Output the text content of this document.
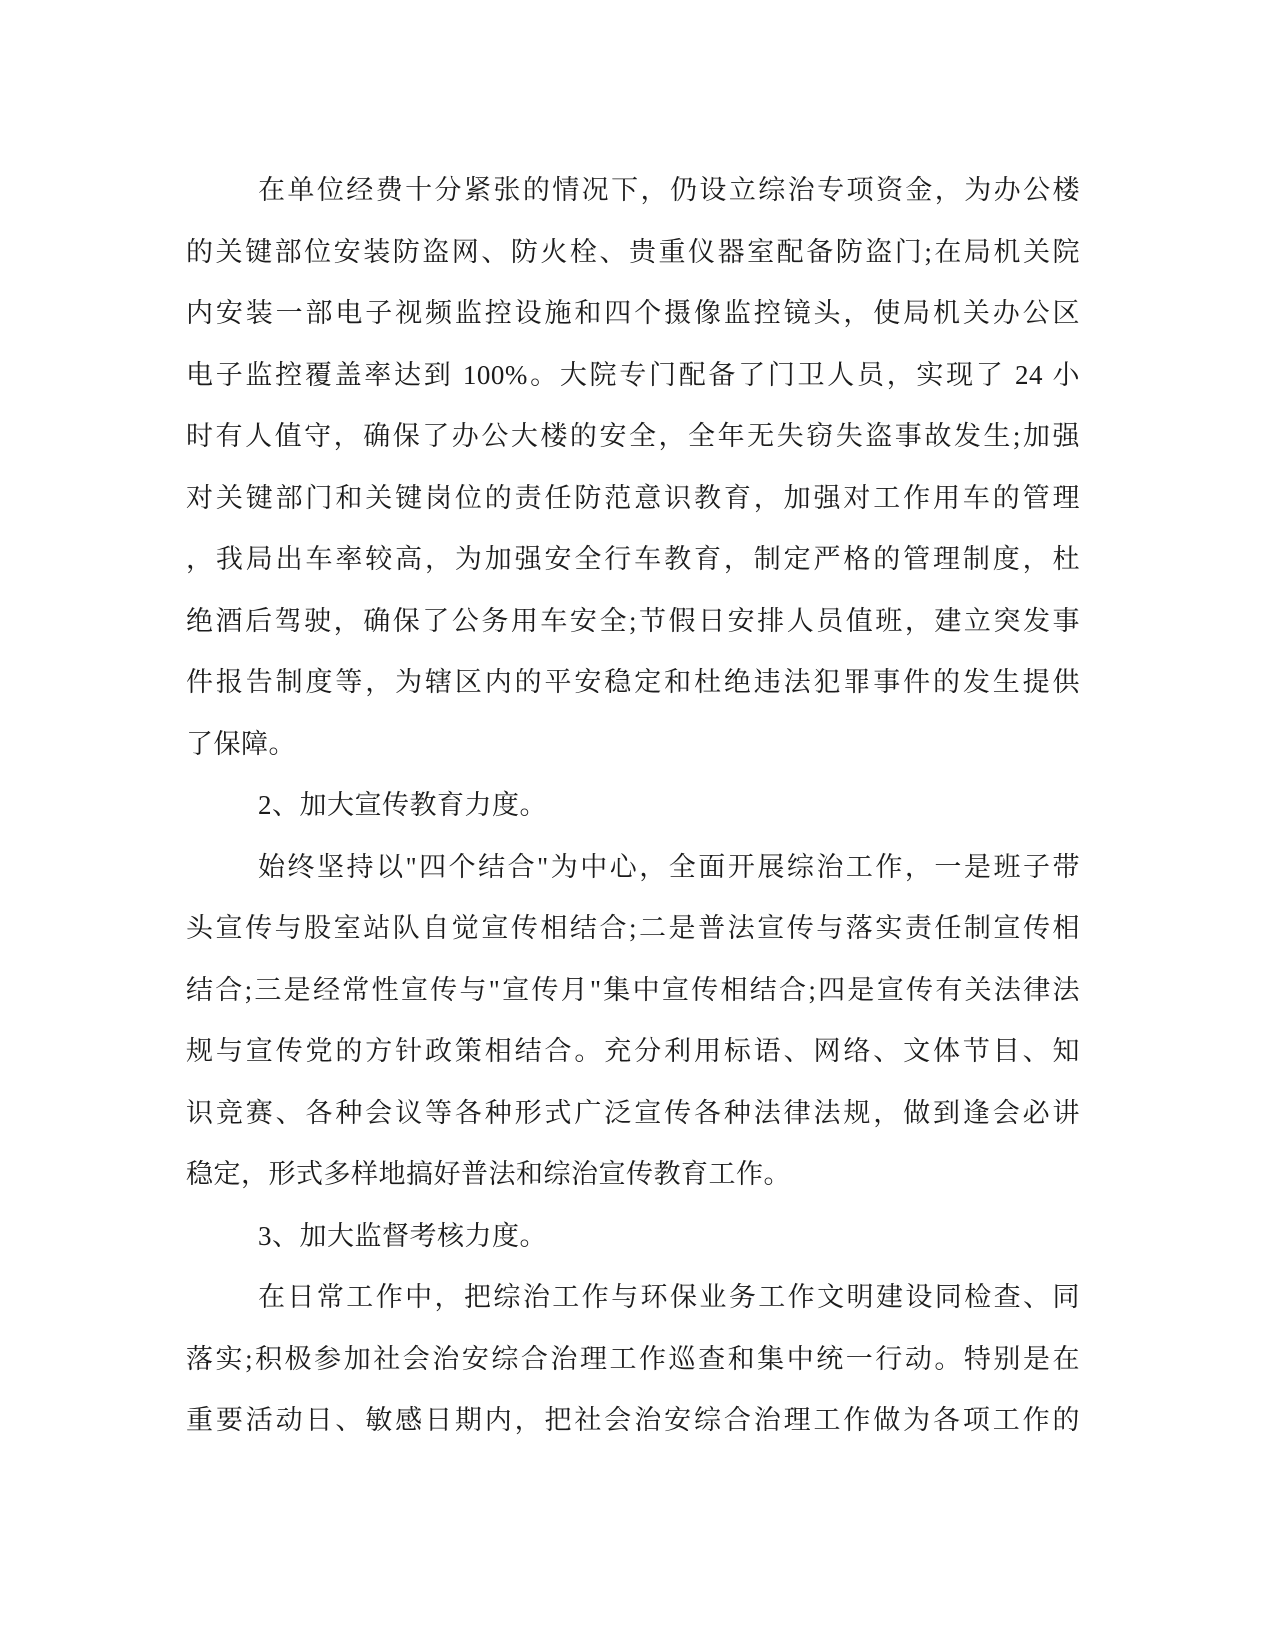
在单位经费十分紧张的情况下，仍设立综治专项资金，为办公楼
的关键部位安装防盗网、防火栓、贵重仪器室配备防盗门;在局机关院
内安装一部电子视频监控设施和四个摄像监控镜头，使局机关办公区
电子监控覆盖率达到 100%。大院专门配备了门卫人员，实现了 24 小
时有人值守，确保了办公大楼的安全，全年无失窃失盗事故发生;加强
对关键部门和关键岗位的责任防范意识教育，加强对工作用车的管理
，我局出车率较高，为加强安全行车教育，制定严格的管理制度，杜
绝酒后驾驶，确保了公务用车安全;节假日安排人员值班，建立突发事
件报告制度等，为辖区内的平安稳定和杜绝违法犯罪事件的发生提供
了保障。
2、加大宣传教育力度。
始终坚持以"四个结合"为中心，全面开展综治工作，一是班子带
头宣传与股室站队自觉宣传相结合;二是普法宣传与落实责任制宣传相
结合;三是经常性宣传与"宣传月"集中宣传相结合;四是宣传有关法律法
规与宣传党的方针政策相结合。充分利用标语、网络、文体节目、知
识竞赛、各种会议等各种形式广泛宣传各种法律法规，做到逢会必讲
稳定，形式多样地搞好普法和综治宣传教育工作。
3、加大监督考核力度。
在日常工作中，把综治工作与环保业务工作文明建设同检查、同
落实;积极参加社会治安综合治理工作巡查和集中统一行动。特别是在
重要活动日、敏感日期内，把社会治安综合治理工作做为各项工作的
